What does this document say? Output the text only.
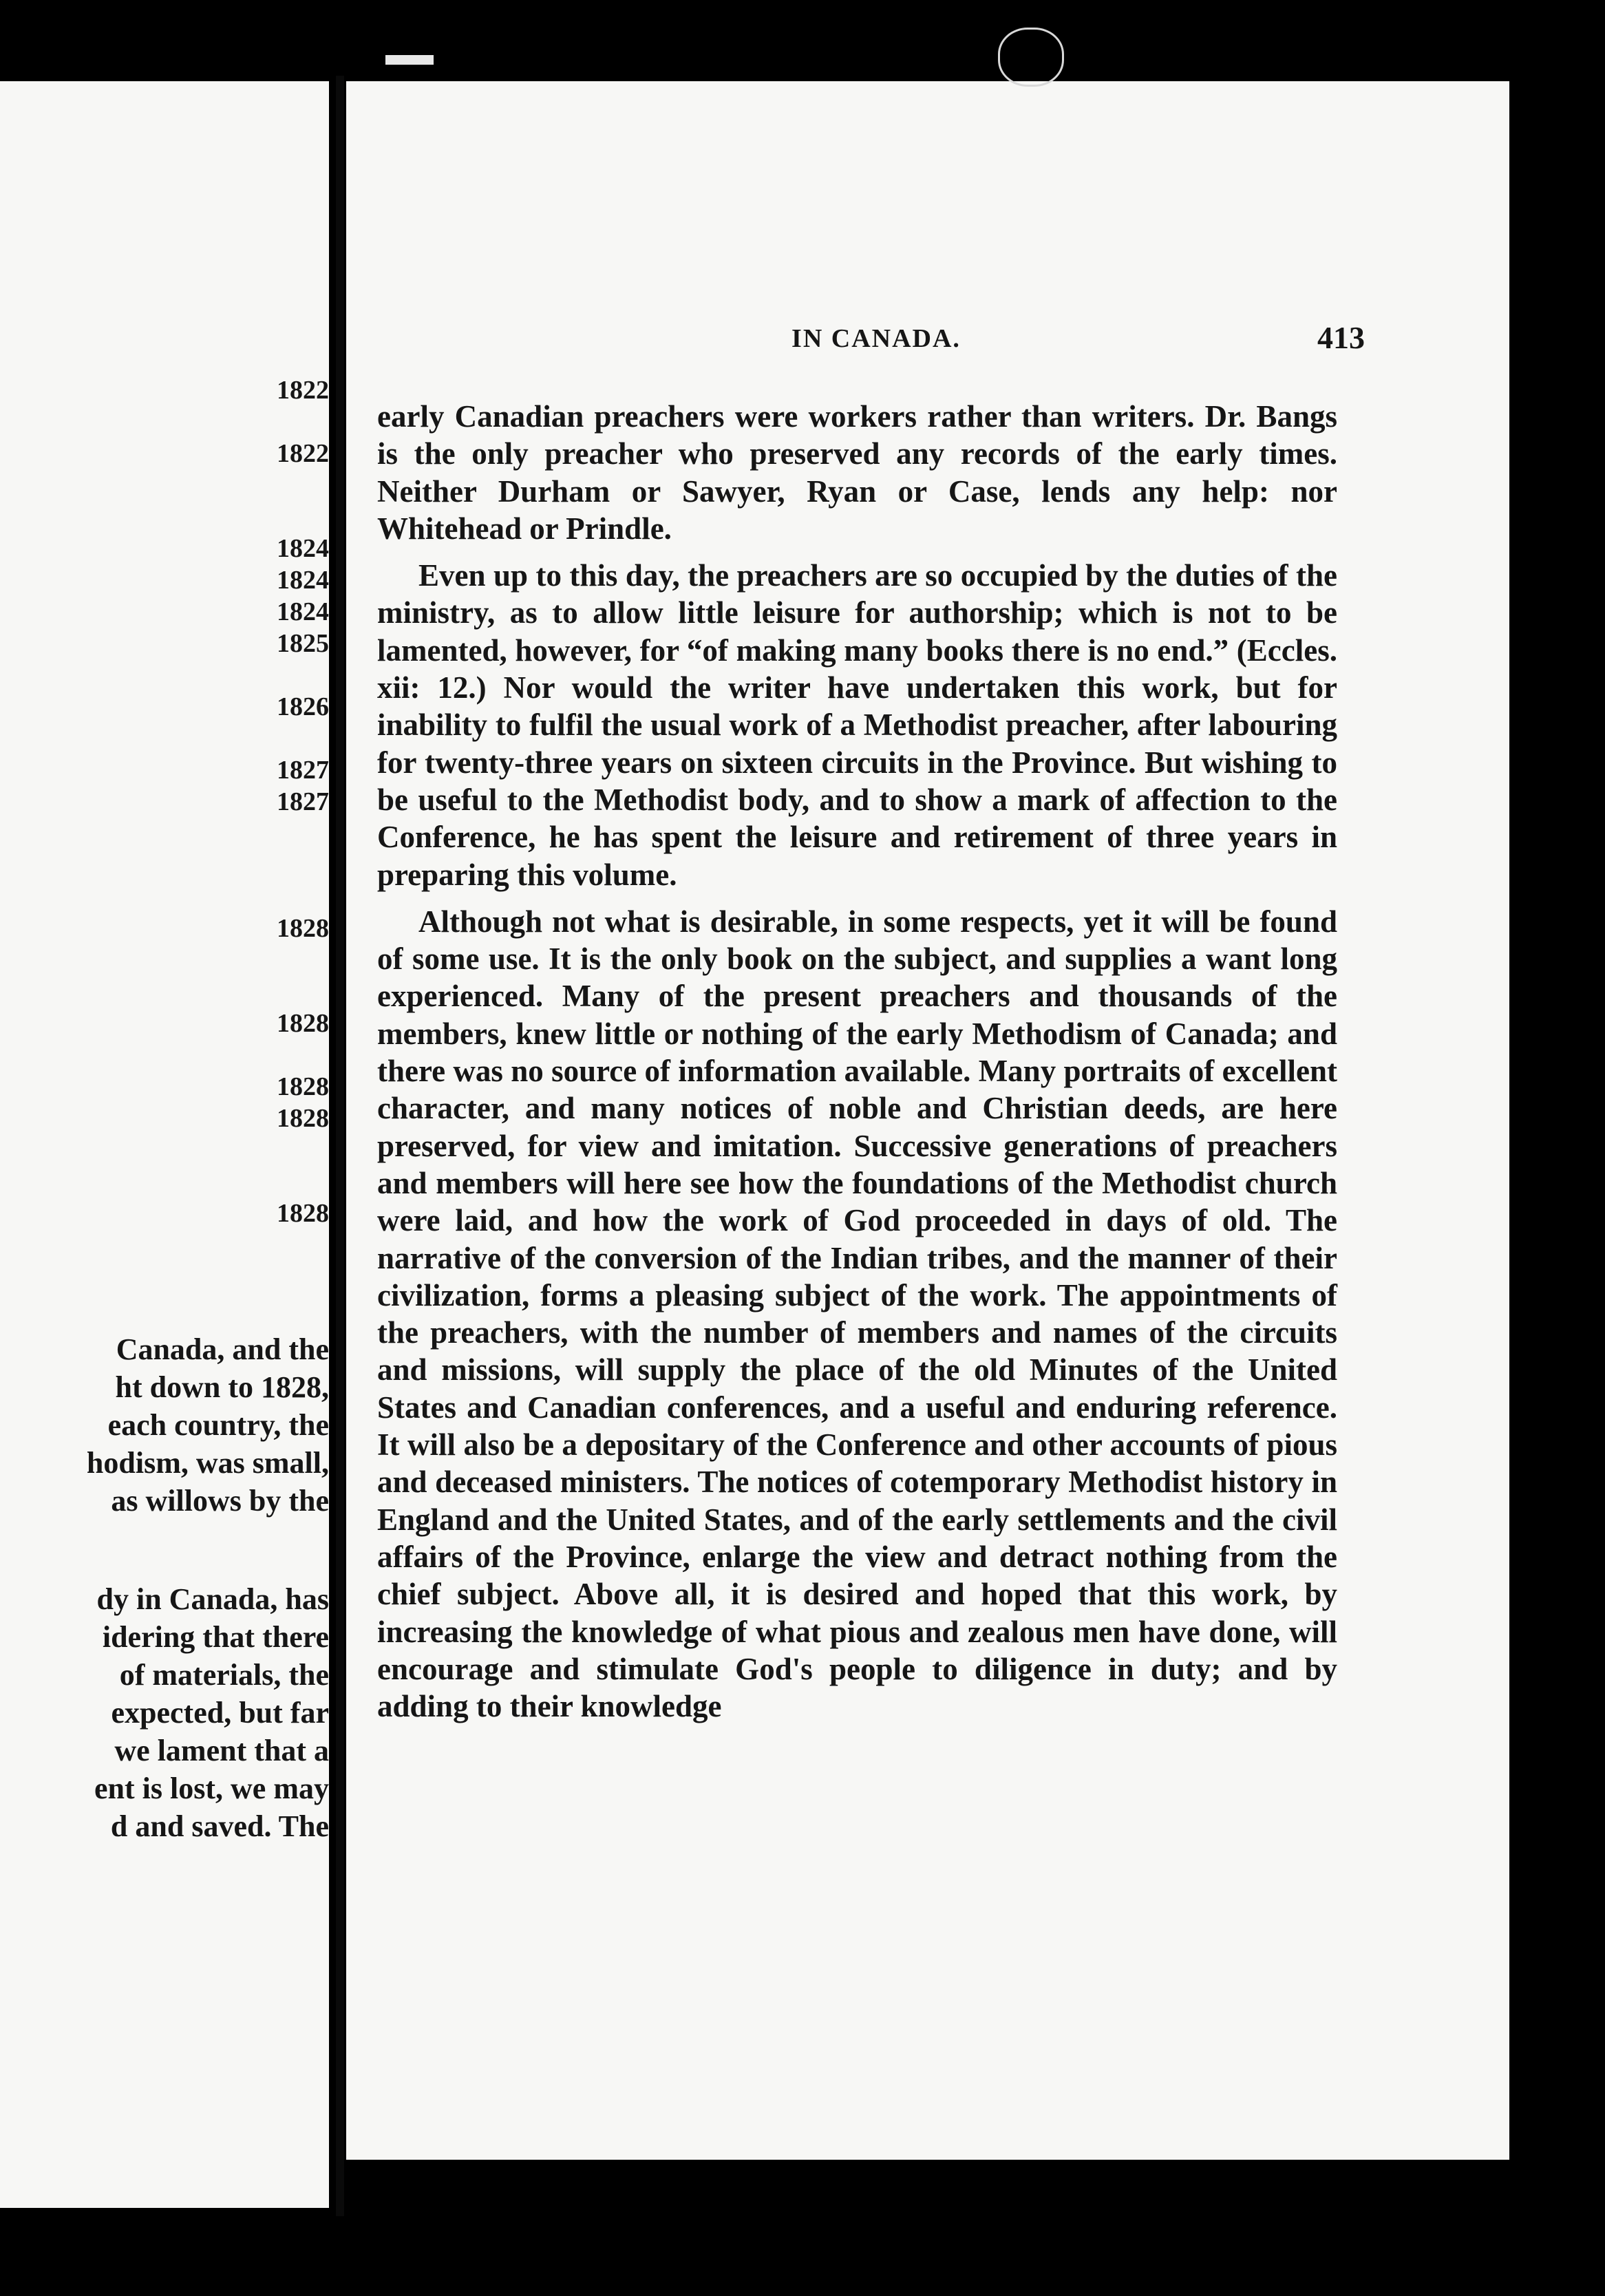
1822
1822
1824
1824
1824
1825
1826
1827
1827
1828
1828
1828
1828
1828
Canada, and the
ht down to 1828,
each country, the
hodism, was small,
as willows by the
dy in Canada, has
idering that there
of materials, the
expected, but far
we lament that a
ent is lost, we may
d and saved. The
IN CANADA.	413

early Canadian preachers were workers rather than writers. Dr. Bangs is the only preacher who preserved any records of the early times. Neither Durham or Sawyer, Ryan or Case, lends any help: nor Whitehead or Prindle.

Even up to this day, the preachers are so occupied by the duties of the ministry, as to allow little leisure for authorship; which is not to be lamented, however, for “of making many books there is no end.” (Eccles. xii: 12.) Nor would the writer have undertaken this work, but for inability to fulfil the usual work of a Methodist preacher, after labouring for twenty-three years on sixteen circuits in the Province. But wishing to be useful to the Methodist body, and to show a mark of affection to the Conference, he has spent the leisure and retirement of three years in preparing this volume.

Although not what is desirable, in some respects, yet it will be found of some use. It is the only book on the subject, and supplies a want long experienced. Many of the present preachers and thousands of the members, knew little or nothing of the early Methodism of Canada; and there was no source of information available. Many portraits of excellent character, and many notices of noble and Christian deeds, are here preserved, for view and imitation. Successive generations of preachers and members will here see how the foundations of the Methodist church were laid, and how the work of God proceeded in days of old. The narrative of the conversion of the Indian tribes, and the manner of their civilization, forms a pleasing subject of the work. The appointments of the preachers, with the number of members and names of the circuits and missions, will supply the place of the old Minutes of the United States and Canadian conferences, and a useful and enduring reference. It will also be a depositary of the Conference and other accounts of pious and deceased ministers. The notices of cotemporary Methodist history in England and the United States, and of the early settlements and the civil affairs of the Province, enlarge the view and detract nothing from the chief subject. Above all, it is desired and hoped that this work, by increasing the knowledge of what pious and zealous men have done, will encourage and stimulate God's people to diligence in duty; and by adding to their knowledge
